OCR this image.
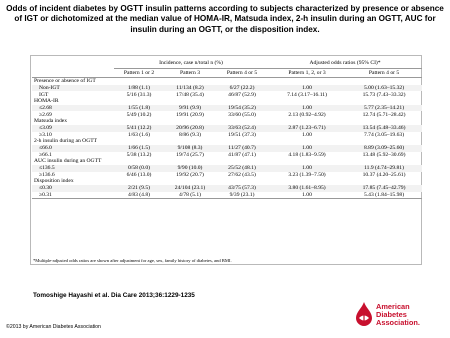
Odds of incident diabetes by OGTT insulin patterns according to subjects characterized by presence or absence of IGT or dichotomized at the median value of HOMA-IR, Matsuda index, 2-h insulin during an OGTT, AUC for insulin during an OGTT, or the disposition index.
	Incidence, case n/total n (%)			Adjusted odds ratios (95% CI)*	
	Pattern 1 or 2	Pattern 3	Pattern 4 or 5	Pattern 1, 2, or 3	Pattern 4 or 5
Presence or absence of IGT					
Non-IGT	1/88 (1.1)	11/134 (8.2)	6/27 (22.2)	1.00	5.00 (1.63–15.32)
IGT	5/16 (31.3)	17/48 (35.4)	46/87 (52.9)	7.14 (3.17–16.11)	15.73 (7.43–33.32)
HOMA-IR					
≤2.68	1/55 (1.8)	9/91 (9.9)	19/54 (35.2)	1.00	5.77 (2.35–14.21)
≥2.69	5/49 (10.2)	19/91 (20.9)	33/60 (55.0)	2.13 (0.92–4.92)	12.74 (5.71–28.42)
Matsuda index					
≤3.09	5/41 (12.2)	20/96 (20.8)	33/63 (52.4)	2.87 (1.23–6.71)	13.54 (5.48–33.46)
≥3.10	1/63 (1.6)	8/86 (9.3)	19/51 (37.3)	1.00	7.74 (3.05–19.63)
2-h insulin during an OGTT					
≤66.0	1/66 (1.5)	9/108 (8.3)	11/27 (40.7)	1.00	8.89 (3.09–25.60)
≥66.1	5/38 (13.2)	19/74 (25.7)	41/87 (47.1)	4.18 (1.83–9.59)	13.48 (5.92–30.69)
AUC insulin during an OGTT					
≤136.5	0/58 (0.0)	9/90 (10.0)	25/52 (48.1)	1.00	11.9 (4.74–29.81)
≥136.6	6/46 (13.0)	19/92 (20.7)	27/62 (43.5)	3.23 (1.39–7.50)	10.37 (4.20–25.61)
Disposition index					
≤0.30	2/21 (9.5)	24/104 (23.1)	43/75 (57.3)	3.80 (1.61–8.95)	17.85 (7.45–42.79)
≥0.31	4/83 (4.8)	4/78 (5.1)	9/39 (23.1)	1.00	5.43 (1.84–15.98)
*Multiple-adjusted odds ratios are shown after adjustment for age, sex, family history of diabetes, and BMI.
Tomoshige Hayashi et al. Dia Care 2013;36:1229-1235
©2013 by American Diabetes Association
American
Diabetes
Association.
